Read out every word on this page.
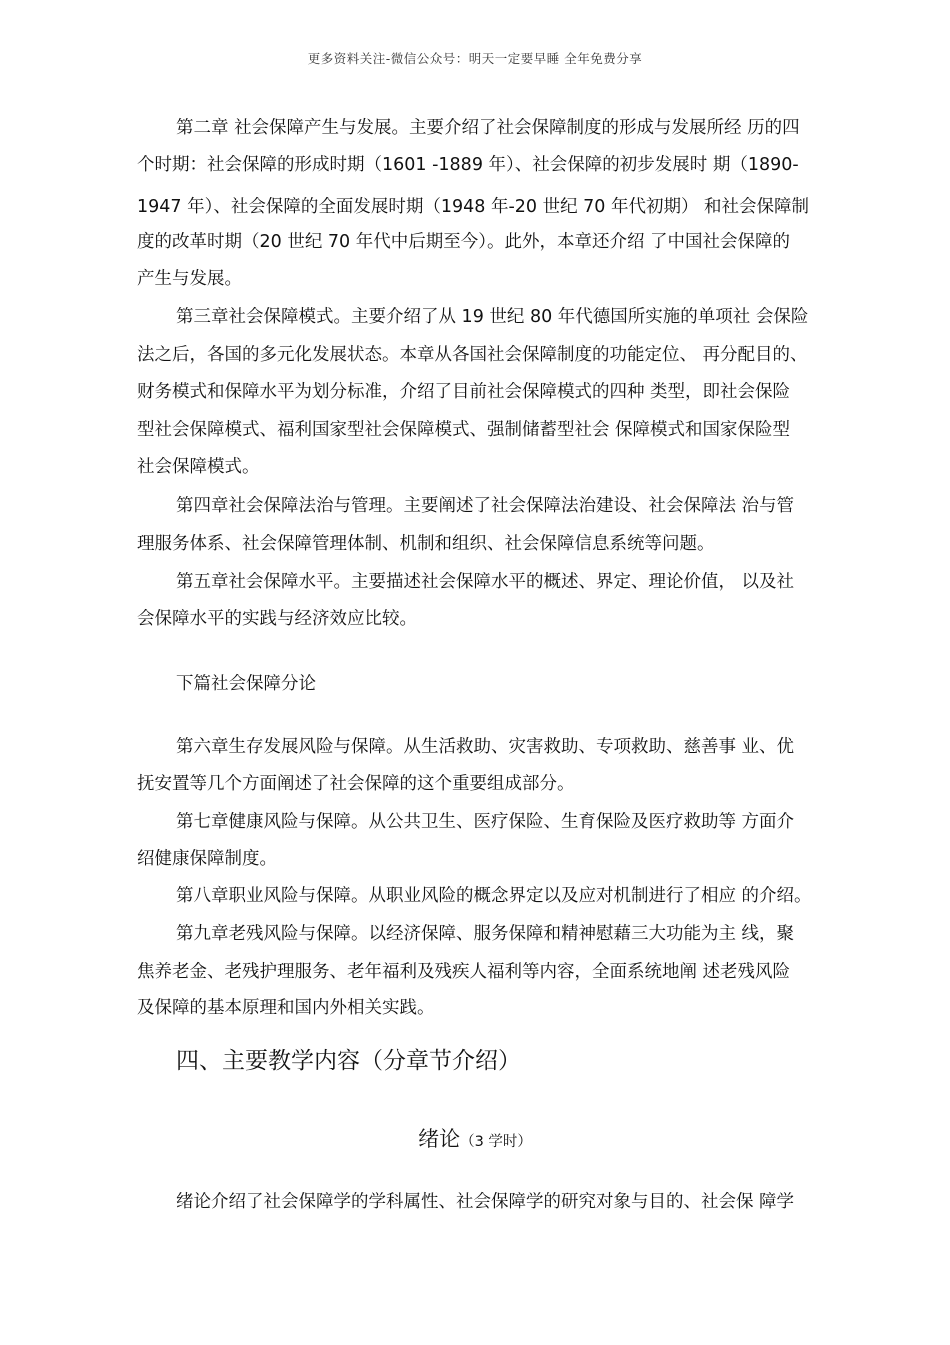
更多资料关注-微信公众号：明天一定要早睡 全年免费分享

第二章 社会保障产生与发展。主要介绍了社会保障制度的形成与发展所经 历的四

个时期：社会保障的形成时期（1601 -1889 年）、社会保障的初步发展时 期（1890-

1947 年）、社会保障的全面发展时期（1948 年-20 世纪 70 年代初期） 和社会保障制

度的改革时期（20 世纪 70 年代中后期至今）。此外，本章还介绍 了中国社会保障的

产生与发展。

第三章社会保障模式。主要介绍了从 19 世纪 80 年代德国所实施的单项社 会保险

法之后，各国的多元化发展状态。本章从各国社会保障制度的功能定位、 再分配目的、

财务模式和保障水平为划分标准，介绍了目前社会保障模式的四种 类型，即社会保险

型社会保障模式、福利国家型社会保障模式、强制储蓄型社会 保障模式和国家保险型

社会保障模式。

第四章社会保障法治与管理。主要阐述了社会保障法治建设、社会保障法 治与管

理服务体系、社会保障管理体制、机制和组织、社会保障信息系统等问题。

第五章社会保障水平。主要描述社会保障水平的概述、界定、理论价值， 以及社

会保障水平的实践与经济效应比较。

下篇社会保障分论

第六章生存发展风险与保障。从生活救助、灾害救助、专项救助、慈善事 业、优

抚安置等几个方面阐述了社会保障的这个重要组成部分。

第七章健康风险与保障。从公共卫生、医疗保险、生育保险及医疗救助等 方面介

绍健康保障制度。

第八章职业风险与保障。从职业风险的概念界定以及应对机制进行了相应 的介绍。

第九章老残风险与保障。以经济保障、服务保障和精神慰藉三大功能为主 线，聚

焦养老金、老残护理服务、老年福利及残疾人福利等内容，全面系统地阐 述老残风险

及保障的基本原理和国内外相关实践。

四、主要教学内容（分章节介绍）
绪论（3 学时）

绪论介绍了社会保障学的学科属性、社会保障学的研究对象与目的、社会保 障学
